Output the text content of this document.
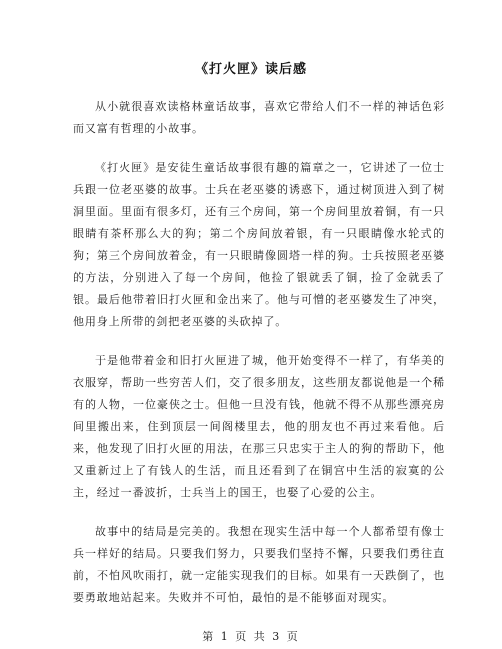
《打火匣》读后感

从小就很喜欢读格林童话故事，喜欢它带给人们不一样的神话色彩而又富有哲理的小故事。

《打火匣》是安徒生童话故事很有趣的篇章之一，它讲述了一位士兵跟一位老巫婆的故事。士兵在老巫婆的诱惑下，通过树顶进入到了树洞里面。里面有很多灯，还有三个房间，第一个房间里放着铜，有一只眼睛有茶杯那么大的狗；第二个房间放着银，有一只眼睛像水轮式的狗；第三个房间放着金，有一只眼睛像圆塔一样的狗。士兵按照老巫婆的方法，分别进入了每一个房间，他捡了银就丢了铜，捡了金就丢了银。最后他带着旧打火匣和金出来了。他与可憎的老巫婆发生了冲突，他用身上所带的剑把老巫婆的头砍掉了。

于是他带着金和旧打火匣进了城，他开始变得不一样了，有华美的衣服穿，帮助一些穷苦人们，交了很多朋友，这些朋友都说他是一个稀有的人物，一位豪侠之士。但他一旦没有钱，他就不得不从那些漂亮房间里搬出来，住到顶层一间阁楼里去，他的朋友也不再过来看他。后来，他发现了旧打火匣的用法，在那三只忠实于主人的狗的帮助下，他又重新过上了有钱人的生活，而且还看到了在铜宫中生活的寂寞的公主，经过一番波折，士兵当上的国王，也娶了心爱的公主。

故事中的结局是完美的。我想在现实生活中每一个人都希望有像士兵一样好的结局。只要我们努力，只要我们坚持不懈，只要我们勇往直前，不怕风吹雨打，就一定能实现我们的目标。如果有一天跌倒了，也要勇敢地站起来。失败并不可怕，最怕的是不能够面对现实。

第 1 页 共 3 页
